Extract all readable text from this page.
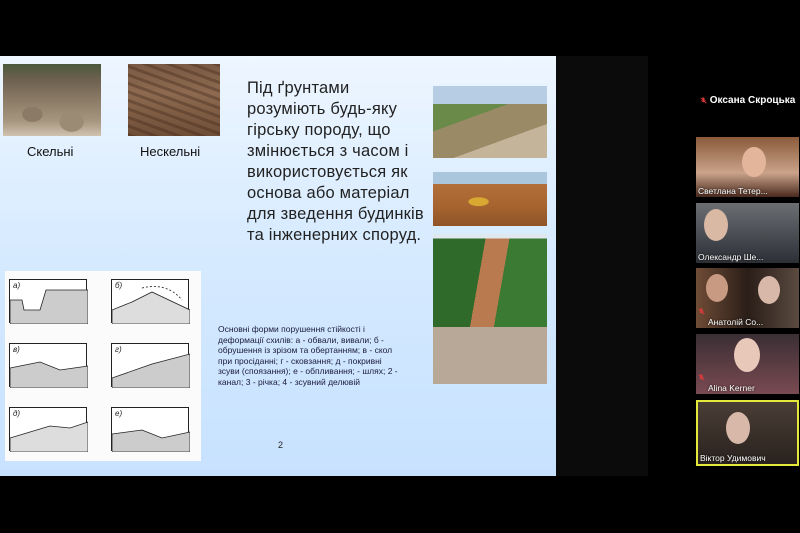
Скельні	Нескельні
Під ґрунтами розуміють будь-яку гірську породу, що змінюється з часом і використовується як основа або матеріал для зведення будинків та інженерних споруд.
а)	б)
в)	г)
д)	е)
Основні форми порушення стійкості і деформації схилів: а - обвали, вивали; б - обрушення із зрізом та обертанням; в - скол при просіданні; г - сковзання; д - покривні зсуви (споязання); е - обпливання; - шлях; 2 - канал; 3 - річка; 4 - зсувний делювій
2
Оксана Скроцька
Светлана Тетер...
Олександр Ше...
Анатолій Со...
Alina Kerner
Віктор Удимович
